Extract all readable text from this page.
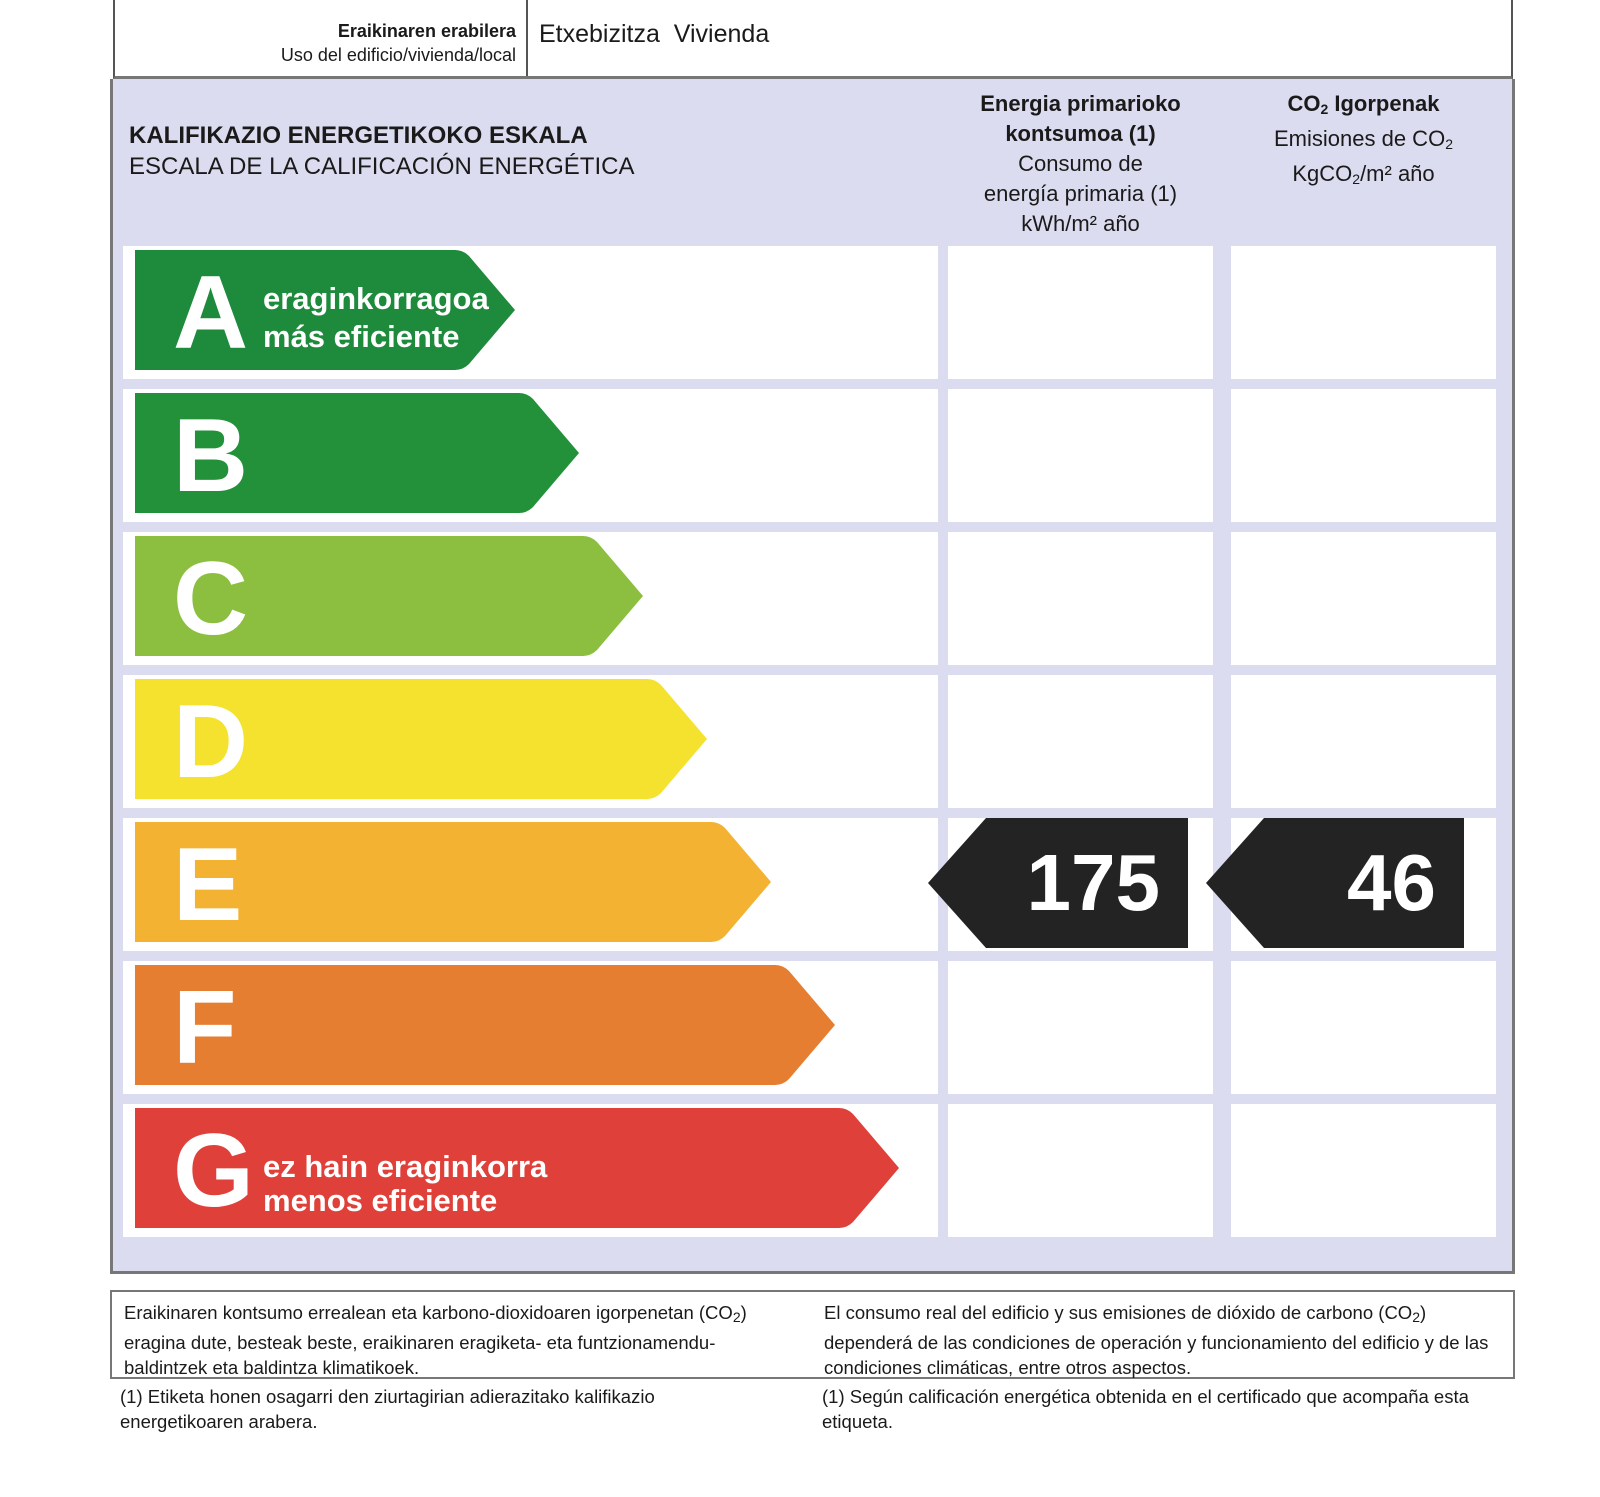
Eraikinaren erabilera
Uso del edificio/vivienda/local
Etxebizitza  Vivienda
KALIFIKAZIO ENERGETIKOKO ESKALA
ESCALA DE LA CALIFICACIÓN ENERGÉTICA
Energia primarioko
kontsumoa (1)
Consumo de
energía primaria (1)
kWh/m² año
$CO_2$ Igorpenak
Emisiones de $CO_2$
KgCO$_2$/m² año
A eraginkorragoa
más eficiente
B
C
D
E	175 46
F
G ez hain eraginkorra
menos eficiente
Eraikinaren kontsumo errealean eta karbono-dioxidoaren igorpenetan $(CO_2)$ eragina dute, besteak beste, eraikinaren eragiketa- eta funtzionamendu-baldintzek eta baldintza klimatikoek.
El consumo real del edificio y sus emisiones de dióxido de carbono $(CO_2)$ dependerá de las condiciones de operación y funcionamiento del edificio y de las condiciones climáticas, entre otros aspectos.
(1) Etiketa honen osagarri den ziurtagirian adierazitako kalifikazio energetikoaren arabera.
(1) Según calificación energética obtenida en el certificado que acompaña esta etiqueta.
